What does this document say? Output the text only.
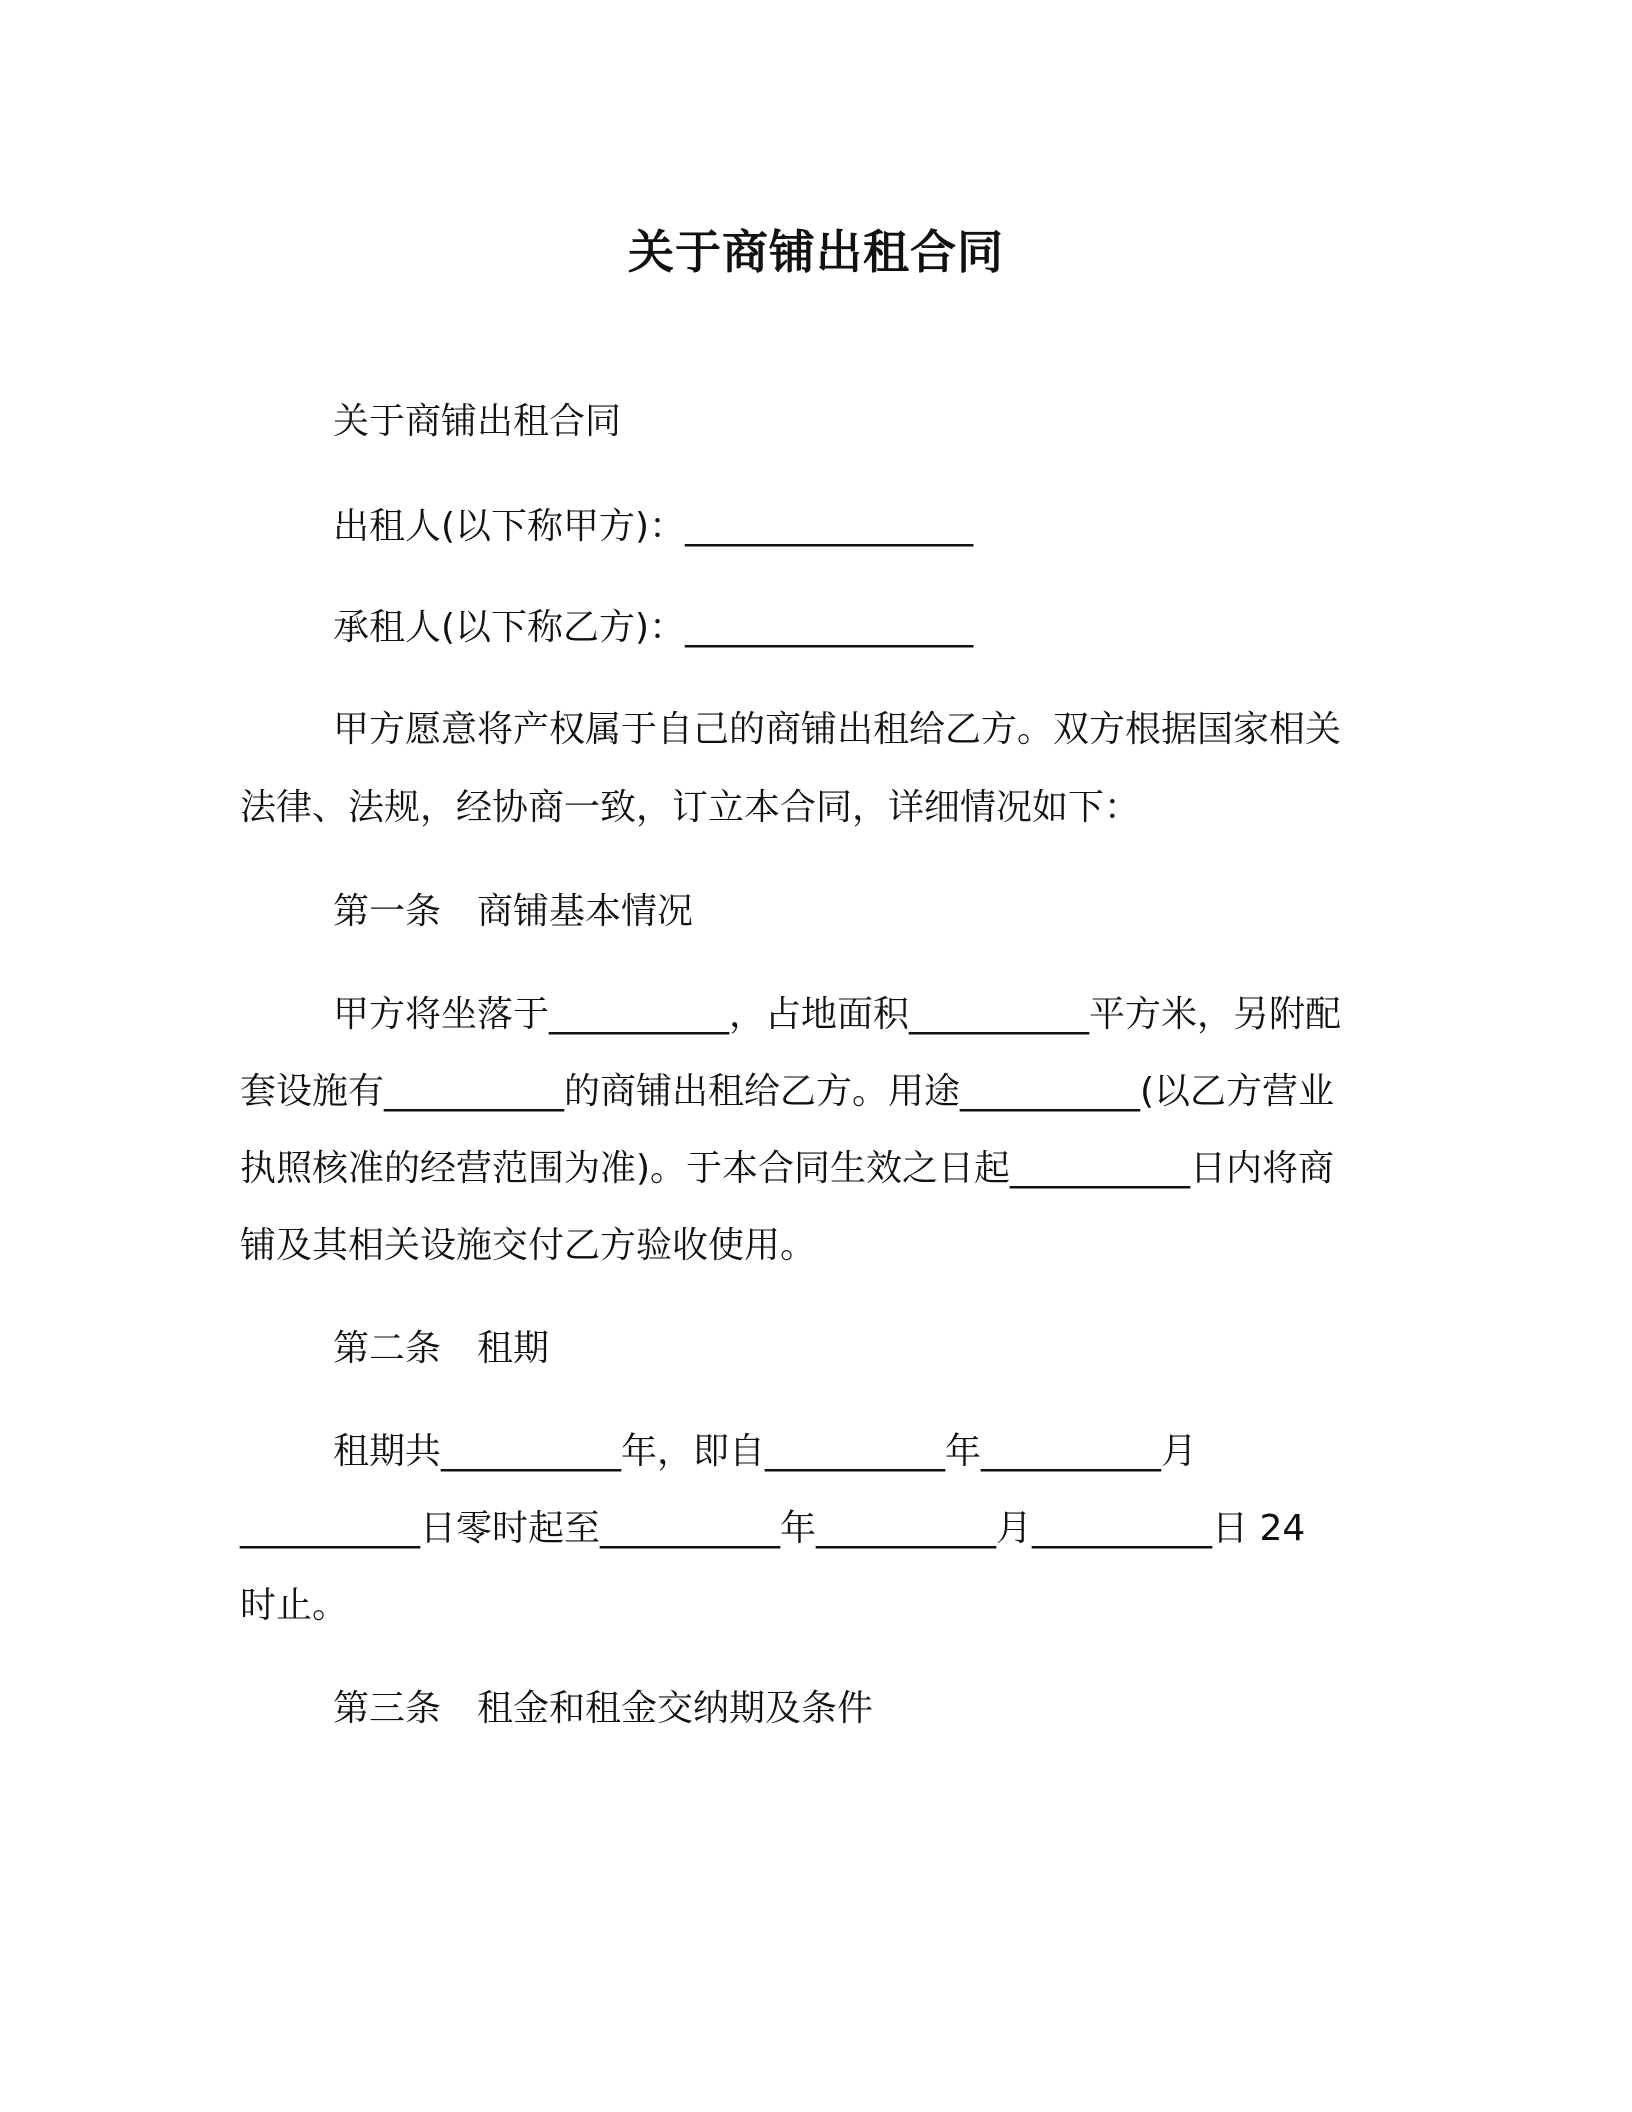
关于商铺出租合同
关于商铺出租合同
出租人(以下称甲方)：________________
承租人(以下称乙方)：________________
甲方愿意将产权属于自己的商铺出租给乙方。双方根据国家相关
法律、法规，经协商一致，订立本合同，详细情况如下：
第一条　商铺基本情况
甲方将坐落于__________，占地面积__________平方米，另附配
套设施有__________的商铺出租给乙方。用途__________(以乙方营业
执照核准的经营范围为准)。于本合同生效之日起__________日内将商
铺及其相关设施交付乙方验收使用。
第二条　租期
租期共__________年，即自__________年__________月
__________日零时起至__________年__________月__________日 24
时止。
第三条　租金和租金交纳期及条件
